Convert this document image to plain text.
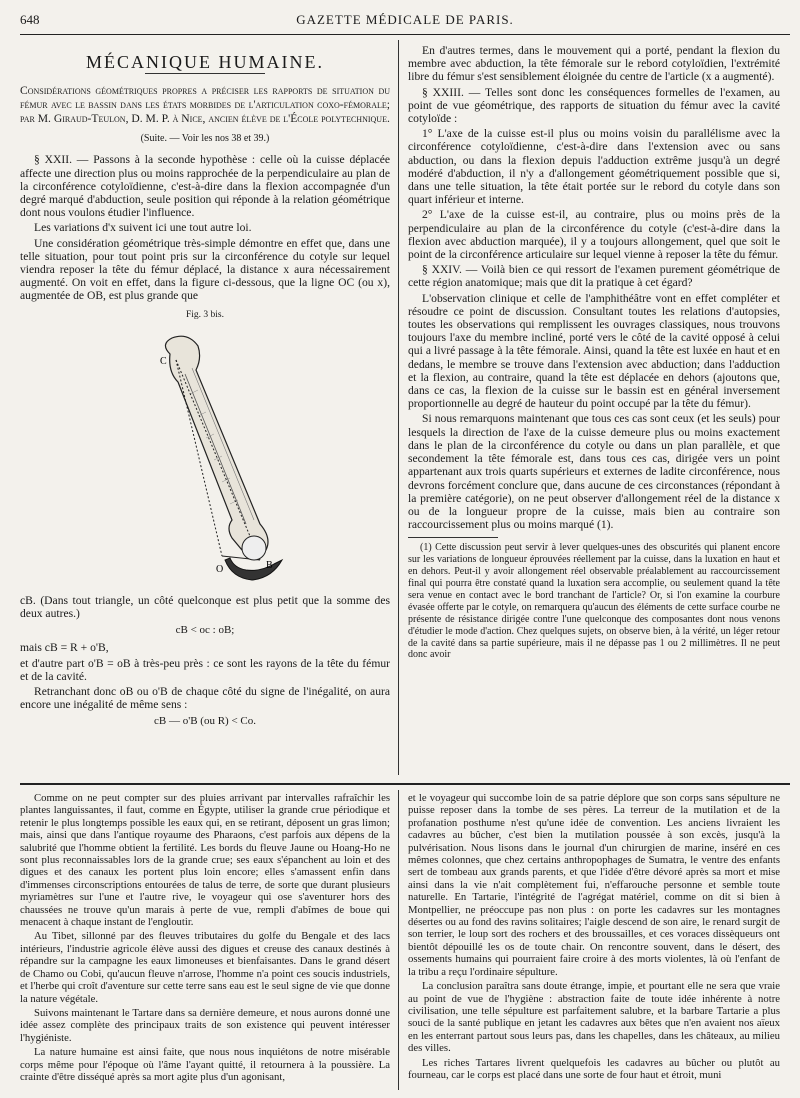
648	GAZETTE MÉDICALE DE PARIS.
MÉCANIQUE HUMAINE.
Considérations géométriques propres a préciser les rapports de situation du fémur avec le bassin dans les états morbides de l'articulation coxo-fémorale; par M. Giraud-Teulon, D. M. P. à Nice, ancien élève de l'École polytechnique.
(Suite. — Voir les nos 38 et 39.)

§ XXII. — Passons à la seconde hypothèse : celle où la cuisse déplacée affecte une direction plus ou moins rapprochée de la perpendiculaire au plan de la circonférence cotyloïdienne, c'est-à-dire dans la flexion accompagnée d'un degré marqué d'abduction, seule position qui réponde à la relation géométrique dont nous voulons étudier l'influence.

Les variations d'x suivent ici une tout autre loi.

Une considération géométrique très-simple démontre en effet que, dans une telle situation, pour tout point pris sur la circonférence du cotyle sur lequel viendra reposer la tête du fémur déplacé, la distance x aura nécessairement augmenté. On voit en effet, dans la figure ci-dessous, que la ligne OC (ou x), augmentée de OB, est plus grande que

Fig. 3 bis.
C
B
O

cB. (Dans tout triangle, un côté quelconque est plus petit que la somme des deux autres.)

cB < oc : oB;

mais cB = R + o'B,

et d'autre part o'B = oB à très-peu près : ce sont les rayons de la tête du fémur et de la cavité.

Retranchant donc oB ou o'B de chaque côté du signe de l'inégalité, on aura encore une inégalité de même sens :

cB — o'B (ou R) < Co.

En d'autres termes, dans le mouvement qui a porté, pendant la flexion du membre avec abduction, la tête fémorale sur le rebord cotyloïdien, l'extrémité libre du fémur s'est sensiblement éloignée du centre de l'article (x a augmenté).

§ XXIII. — Telles sont donc les conséquences formelles de l'examen, au point de vue géométrique, des rapports de situation du fémur avec la cavité cotyloïde :

1° L'axe de la cuisse est-il plus ou moins voisin du parallélisme avec la circonférence cotyloïdienne, c'est-à-dire dans l'extension avec ou sans abduction, ou dans la flexion depuis l'adduction extrême jusqu'à un degré modéré d'abduction, il n'y a d'allongement géométriquement possible que si, dans une telle situation, la tête était portée sur le rebord du cotyle dans son quart inférieur et interne.

2° L'axe de la cuisse est-il, au contraire, plus ou moins près de la perpendiculaire au plan de la circonférence du cotyle (c'est-à-dire dans la flexion avec abduction marquée), il y a toujours allongement, quel que soit le point de la circonférence articulaire sur lequel vienne à reposer la tête du fémur.

§ XXIV. — Voilà bien ce qui ressort de l'examen purement géométrique de cette région anatomique; mais que dit la pratique à cet égard?

L'observation clinique et celle de l'amphithéâtre vont en effet compléter et résoudre ce point de discussion. Consultant toutes les relations d'autopsies, toutes les observations qui remplissent les ouvrages classiques, nous trouvons toujours l'axe du membre incliné, porté vers le côté de la cavité opposé à celui qui a livré passage à la tête fémorale. Ainsi, quand la tête est luxée en haut et en dedans, le membre se trouve dans l'extension avec abduction; dans l'adduction et la flexion, au contraire, quand la tête est déplacée en dehors (ajoutons que, dans ce cas, la flexion de la cuisse sur le bassin est en général inversement proportionnelle au degré de hauteur du point occupé par la tête du fémur).

Si nous remarquons maintenant que tous ces cas sont ceux (et les seuls) pour lesquels la direction de l'axe de la cuisse demeure plus ou moins exactement dans le plan de la circonférence du cotyle ou dans un plan parallèle, et que secondement la tête fémorale est, dans tous ces cas, dirigée vers un point appartenant aux trois quarts supérieurs et externes de ladite circonférence, nous devrons forcément conclure que, dans aucune de ces circonstances (répondant à la première catégorie), on ne peut observer d'allongement réel de la distance x ou de la longueur propre de la cuisse, mais bien au contraire son raccourcissement plus ou moins marqué (1).

(1) Cette discussion peut servir à lever quelques-unes des obscurités qui planent encore sur les variations de longueur éprouvées réellement par la cuisse, dans la luxation en haut et en dehors. Peut-il y avoir allongement réel observable préalablement au raccourcissement final qui pourra être constaté quand la luxation sera accomplie, ou seulement quand la tête sera venue en contact avec le bord tranchant de l'article? Or, si l'on examine la courbure évasée offerte par le cotyle, on remarquera qu'aucun des éléments de cette surface courbe ne présente de résistance dirigée contre l'une quelconque des composantes dont nous venons d'étudier le mode d'action. Chez quelques sujets, on observe bien, à la vérité, un léger retour de la cavité dans sa partie supérieure, mais il ne dépasse pas 1 ou 2 millimètres. Il ne peut donc avoir

Comme on ne peut compter sur des pluies arrivant par intervalles rafraîchir les plantes languissantes, il faut, comme en Égypte, utiliser la grande crue périodique et retenir le plus longtemps possible les eaux qui, en se retirant, déposent un gras limon; mais, ainsi que dans l'antique royaume des Pharaons, c'est parfois aux dépens de la salubrité que l'homme obtient la fertilité. Les bords du fleuve Jaune ou Hoang-Ho ne sont plus reconnaissables lors de la grande crue; ses eaux s'épanchent au loin et des digues et des canaux les portent plus loin encore; elles s'amassent enfin dans d'immenses circonscriptions entourées de talus de terre, de sorte que durant plusieurs myriamètres sur l'une et l'autre rive, le voyageur qui ose s'aventurer hors des chaussées ne trouve qu'un marais à perte de vue, rempli d'abîmes de boue qui menacent à chaque instant de l'engloutir.

Au Tibet, sillonné par des fleuves tributaires du golfe du Bengale et des lacs intérieurs, l'industrie agricole élève aussi des digues et creuse des canaux destinés à répandre sur la campagne les eaux limoneuses et bienfaisantes. Dans le grand désert de Chamo ou Cobi, qu'aucun fleuve n'arrose, l'homme n'a point ces soucis industriels, et l'herbe qui croît d'aventure sur cette terre sans eau est le seul signe de vie que donne la nature végétale.

Suivons maintenant le Tartare dans sa dernière demeure, et nous aurons donné une idée assez complète des principaux traits de son existence qui peuvent intéresser l'hygiéniste.

La nature humaine est ainsi faite, que nous nous inquiétons de notre misérable corps même pour l'époque où l'âme l'ayant quitté, il retournera à la poussière. La crainte d'être disséqué après sa mort agite plus d'un agonisant,

et le voyageur qui succombe loin de sa patrie déplore que son corps sans sépulture ne puisse reposer dans la tombe de ses pères. La terreur de la mutilation et de la profanation posthume n'est qu'une idée de convention. Les anciens livraient les cadavres au bûcher, c'est bien la mutilation poussée à son excès, jusqu'à la pulvérisation. Nous lisons dans le journal d'un chirurgien de marine, inséré en ces mêmes colonnes, que chez certains anthropophages de Sumatra, le ventre des enfants sert de tombeau aux grands parents, et que l'idée d'être dévoré après sa mort et mise ainsi dans la vie n'ait complètement fui, n'effarouche personne et semble toute naturelle. En Tartarie, l'intégrité de l'agrégat matériel, comme on dit si bien à Montpellier, ne préoccupe pas non plus : on porte les cadavres sur les montagnes désertes ou au fond des ravins solitaires; l'aigle descend de son aire, le renard surgit de son terrier, le loup sort des rochers et des broussailles, et ces voraces dissèqueurs ont bientôt dépouillé les os de toute chair. On rencontre souvent, dans le désert, des ossements humains qui pourraient faire croire à des morts violentes, là où l'enfant de la tribu a reçu l'ordinaire sépulture.

La conclusion paraîtra sans doute étrange, impie, et pourtant elle ne sera que vraie au point de vue de l'hygiène : abstraction faite de toute idée inhérente à notre civilisation, une telle sépulture est parfaitement salubre, et la barbare Tartarie a plus souci de la santé publique en jetant les cadavres aux bêtes que n'en avaient nos aïeux en les enterrant partout sous leurs pas, dans les chapelles, dans les châteaux, au milieu des villes.

Les riches Tartares livrent quelquefois les cadavres au bûcher ou plutôt au fourneau, car le corps est placé dans une sorte de four haut et étroit, muni
